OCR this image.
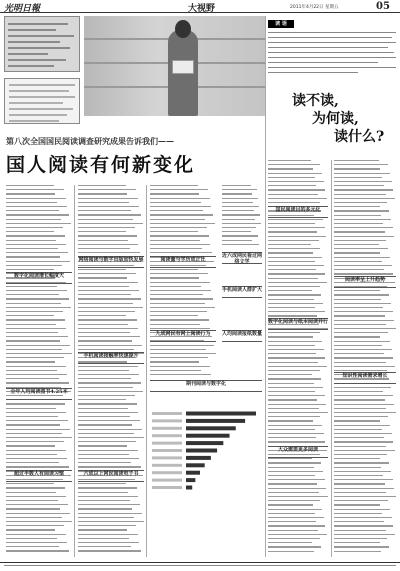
光明日報	大视野	2011年4月22日 星期五	05
读 语
读不读,
为何读,
读什么?
第八次全国国民阅读调查研究成果告诉我们——
国人阅读有何新变化
数字化阅读增长幅度大
全年人均阅读图书4.25本
超过半数人有阅读习惯
网络阅读与数字出版加快发展
手机阅读接触率快速提升
六成以上网民阅读电子书
阅读量与学历成正比
九成网民有网上阅读行为
近六成网民看过网络文学
手机阅读人群扩大
人均阅读报纸数量
期刊阅读与数字化
国民阅读目的多元化
数字化阅读与纸本阅读并行
大众需要更多阅读
阅读率呈上升趋势
知识性阅读需求增长
